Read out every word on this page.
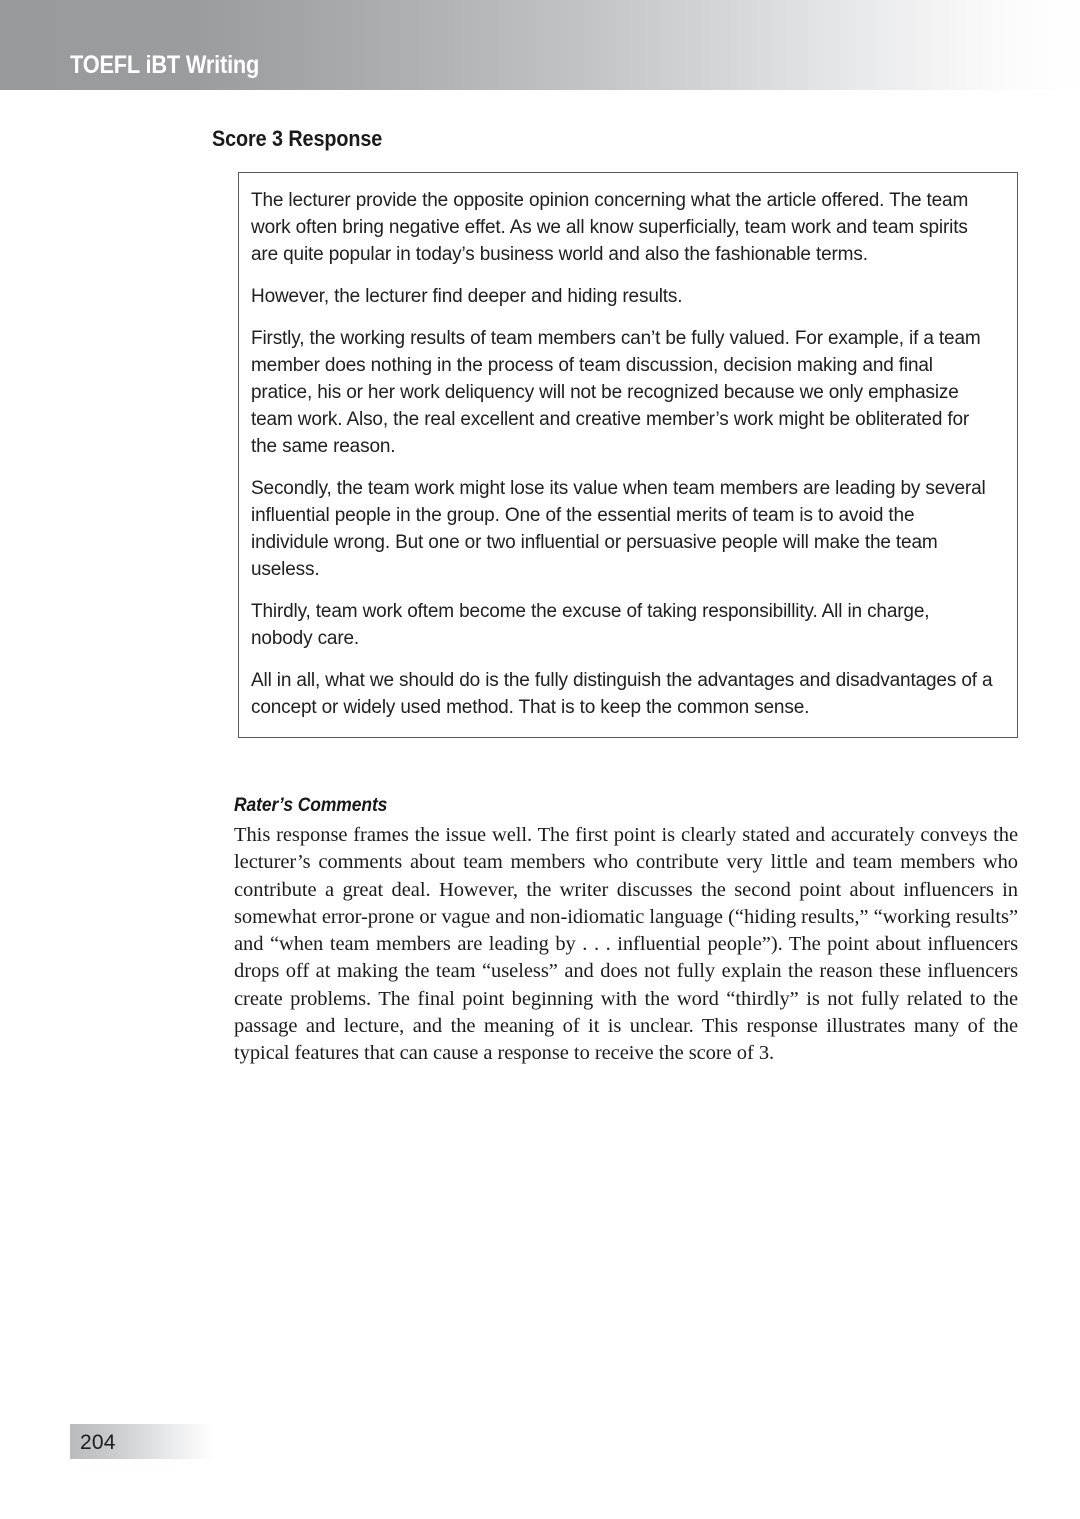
TOEFL iBT Writing
Score 3 Response

The lecturer provide the opposite opinion concerning what the article offered. The team work often bring negative effet. As we all know superficially, team work and team spirits are quite popular in today’s business world and also the fashionable terms.

However, the lecturer find deeper and hiding results.

Firstly, the working results of team members can’t be fully valued. For example, if a team member does nothing in the process of team discussion, decision making and final pratice, his or her work deliquency will not be recognized because we only emphasize team work. Also, the real excellent and creative member’s work might be obliterated for the same reason.

Secondly, the team work might lose its value when team members are leading by several influential people in the group. One of the essential merits of team is to avoid the individule wrong. But one or two influential or persuasive people will make the team useless.

Thirdly, team work oftem become the excuse of taking responsibillity. All in charge, nobody care.

All in all, what we should do is the fully distinguish the advantages and disadvantages of a concept or widely used method. That is to keep the common sense.

Rater’s Comments

This response frames the issue well. The first point is clearly stated and accurately conveys the lecturer’s comments about team members who contribute very little and team members who contribute a great deal. However, the writer discusses the second point about influencers in somewhat error-prone or vague and non-idiomatic language (“hiding results,” “working results” and “when team members are leading by . . . influential people”). The point about influencers drops off at making the team “useless” and does not fully explain the reason these influencers create problems. The final point beginning with the word “thirdly” is not fully related to the passage and lecture, and the meaning of it is unclear. This response illustrates many of the typical features that can cause a response to receive the score of 3.

204
